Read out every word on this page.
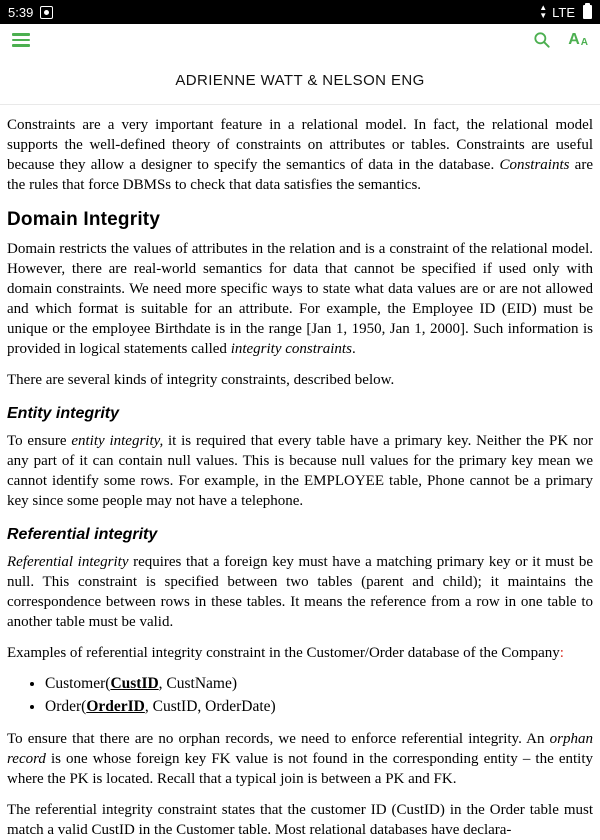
5:39	▲
▼ LTE
A A
ADRIENNE WATT & NELSON ENG

Constraints are a very important feature in a relational model. In fact, the relational model supports the well-defined theory of constraints on attributes or tables. Constraints are useful because they allow a designer to specify the semantics of data in the database. Constraints are the rules that force DBMSs to check that data satisfies the semantics.

Domain Integrity

Domain restricts the values of attributes in the relation and is a constraint of the relational model. However, there are real-world semantics for data that cannot be specified if used only with domain constraints. We need more specific ways to state what data values are or are not allowed and which format is suitable for an attribute. For example, the Employee ID (EID) must be unique or the employee Birthdate is in the range [Jan 1, 1950, Jan 1, 2000]. Such information is provided in logical statements called integrity constraints.

There are several kinds of integrity constraints, described below.

Entity integrity

To ensure entity integrity, it is required that every table have a primary key. Neither the PK nor any part of it can contain null values. This is because null values for the primary key mean we cannot identify some rows. For example, in the EMPLOYEE table, Phone cannot be a primary key since some people may not have a telephone.

Referential integrity

Referential integrity requires that a foreign key must have a matching primary key or it must be null. This constraint is specified between two tables (parent and child); it maintains the correspondence between rows in these tables. It means the reference from a row in one table to another table must be valid.

Examples of referential integrity constraint in the Customer/Order database of the Company:

• Customer(CustID, CustName)
• Order(OrderID, CustID, OrderDate)

To ensure that there are no orphan records, we need to enforce referential integrity. An orphan record is one whose foreign key FK value is not found in the corresponding entity – the entity where the PK is located. Recall that a typical join is between a PK and FK.

The referential integrity constraint states that the customer ID (CustID) in the Order table must match a valid CustID in the Customer table. Most relational databases have declara-
